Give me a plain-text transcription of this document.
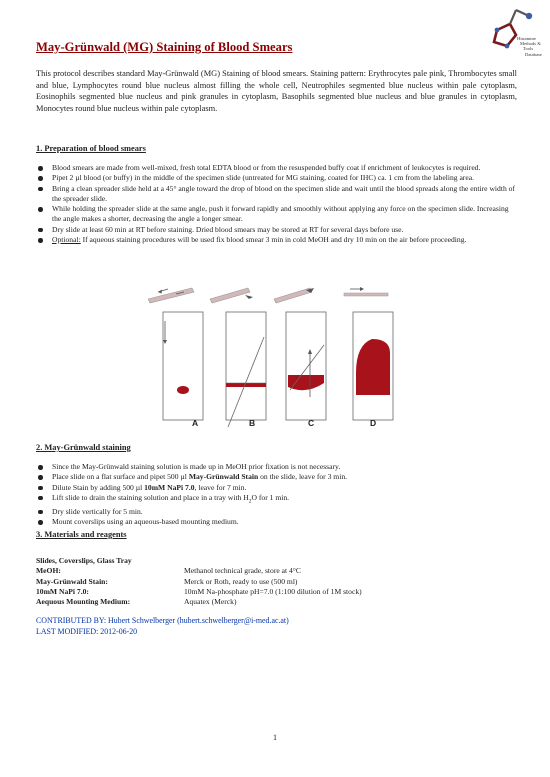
Histamine
Methods &
Tools
Database
May-Grünwald (MG) Staining of Blood Smears

This protocol describes standard May-Grünwald (MG) Staining of blood smears. Staining pattern: Erythrocytes pale pink, Thrombocytes small and blue, Lymphocytes round blue nucleus almost filling the whole cell, Neutrophiles segmented blue nucleus within pale cytoplasm, Eosinophils segmented blue nucleus and pink granules in cytoplasm, Basophils segmented blue nucleus and blue granules in cytoplasm, Monocytes round blue nucleus within pale cytoplasm.

1. Preparation of blood smears
Blood smears are made from well-mixed, fresh total EDTA blood or from the resuspended buffy coat if enrichment of leukocytes is required.
Pipet 2 µl blood (or buffy) in the middle of the specimen slide (untreated for MG staining, coated for IHC) ca. 1 cm from the labeling area.
Bring a clean spreader slide held at a 45° angle toward the drop of blood on the specimen slide and wait until the blood spreads along the entire width of the spreader slide.
While holding the spreader slide at the same angle, push it forward rapidly and smoothly without applying any force on the specimen slide. Increasing the angle makes a shorter, decreasing the angle a longer smear.
Dry slide at least 60 min at RT before staining. Dried blood smears may be stored at RT for several days before use.
Optional: If aqueous staining procedures will be used fix blood smear 3 min in cold MeOH and dry 10 min on the air before proceeding.
A	B	C	D
2. May-Grünwald staining
Since the May-Grünwald staining solution is made up in MeOH prior fixation is not necessary.
Place slide on a flat surface and pipet 500 µl May-Grünwald Stain on the slide, leave for 3 min.
Dilute Stain by adding 500 µl 10mM NaPi 7.0, leave for 7 min.
Lift slide to drain the staining solution and place in a tray with $H_2O$ for 1 min.
Dry slide vertically for 5 min.
Mount coverslips using an aqueous-based mounting medium.
3. Materials and reagents
Slides, Coverslips, Glass Tray	
MeOH:	Methanol technical grade, store at 4°C
May-Grünwald Stain:	Merck or Roth, ready to use (500 ml)
10mM NaPi 7.0:	10mM Na-phosphate pH=7.0 (1:100 dilution of 1M stock)
Aequous Mounting Medium:	Aquatex (Merck)
CONTRIBUTED BY: Hubert Schwelberger (hubert.schwelberger@i-med.ac.at)
LAST MODIFIED: 2012-06-20
1
